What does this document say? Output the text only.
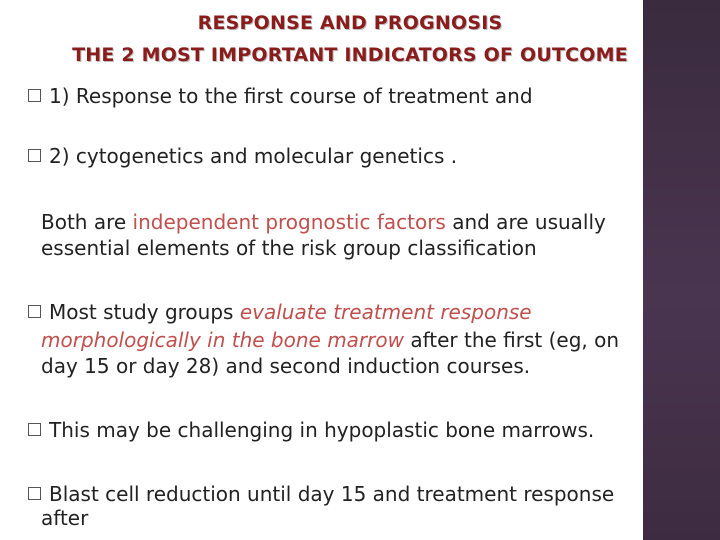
RESPONSE AND PROGNOSIS
THE 2 MOST IMPORTANT INDICATORS OF OUTCOME
1) Response to the first course of treatment and
2) cytogenetics and molecular genetics .
Both are independent prognostic factors and are usually
essential elements of the risk group classification
Most study groups evaluate treatment response
morphologically in the bone marrow after the first (eg, on
day 15 or day 28) and second induction courses.
This may be challenging in hypoplastic bone marrows.
Blast cell reduction until day 15 and treatment response
after
